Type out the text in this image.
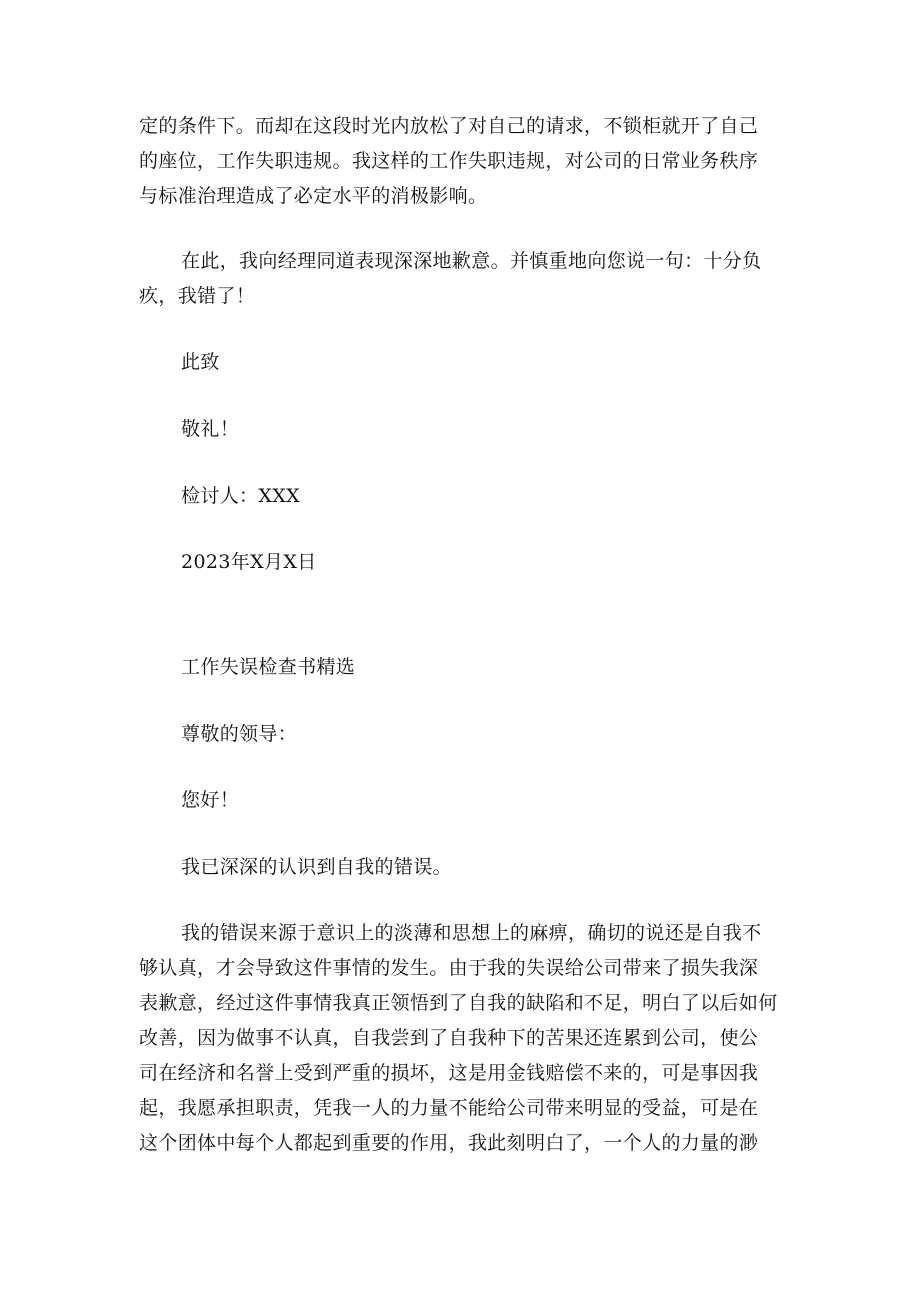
定的条件下。而却在这段时光内放松了对自己的请求，不锁柜就开了自己
的座位，工作失职违规。我这样的工作失职违规，对公司的日常业务秩序
与标准治理造成了必定水平的消极影响。
在此，我向经理同道表现深深地歉意。并慎重地向您说一句：十分负
疚，我错了！
此致
敬礼！
检讨人：XXX
2023年X月X日
工作失误检查书精选
尊敬的领导：
您好！
我已深深的认识到自我的错误。
我的错误来源于意识上的淡薄和思想上的麻痹，确切的说还是自我不
够认真，才会导致这件事情的发生。由于我的失误给公司带来了损失我深
表歉意，经过这件事情我真正领悟到了自我的缺陷和不足，明白了以后如何
改善，因为做事不认真，自我尝到了自我种下的苦果还连累到公司，使公
司在经济和名誉上受到严重的损坏，这是用金钱赔偿不来的，可是事因我
起，我愿承担职责，凭我一人的力量不能给公司带来明显的受益，可是在
这个团体中每个人都起到重要的作用，我此刻明白了，一个人的力量的渺
